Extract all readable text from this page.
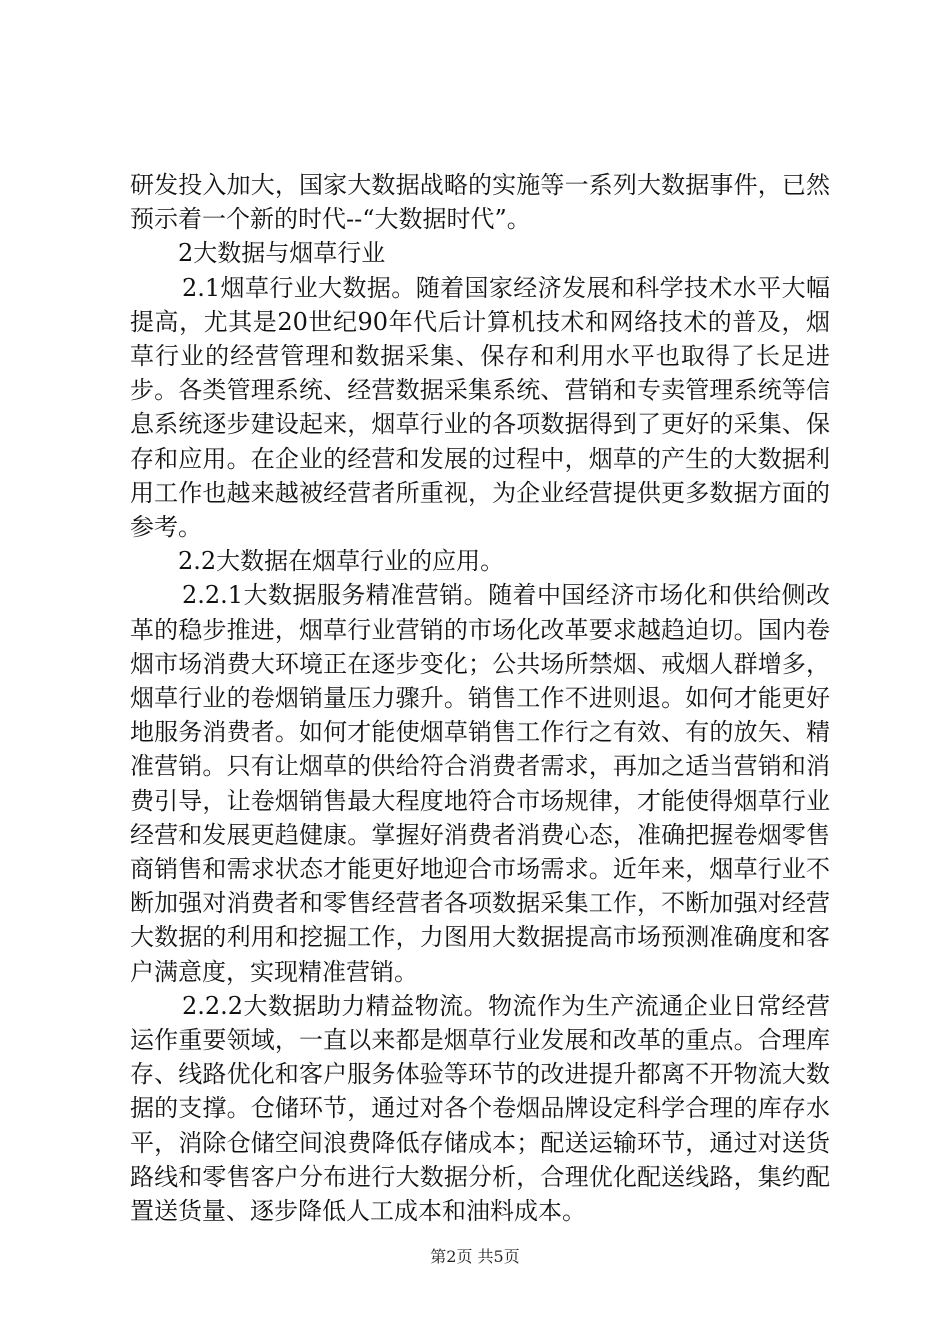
研发投入加大，国家大数据战略的实施等一系列大数据事件，已然预示着一个新的时代--“大数据时代”。

2大数据与烟草行业

2.1烟草行业大数据。随着国家经济发展和科学技术水平大幅提高，尤其是20世纪90年代后计算机技术和网络技术的普及，烟草行业的经营管理和数据采集、保存和利用水平也取得了长足进步。各类管理系统、经营数据采集系统、营销和专卖管理系统等信息系统逐步建设起来，烟草行业的各项数据得到了更好的采集、保存和应用。在企业的经营和发展的过程中，烟草的产生的大数据利用工作也越来越被经营者所重视，为企业经营提供更多数据方面的参考。

2.2大数据在烟草行业的应用。

2.2.1大数据服务精准营销。随着中国经济市场化和供给侧改革的稳步推进，烟草行业营销的市场化改革要求越趋迫切。国内卷烟市场消费大环境正在逐步变化；公共场所禁烟、戒烟人群增多，烟草行业的卷烟销量压力骤升。销售工作不进则退。如何才能更好地服务消费者。如何才能使烟草销售工作行之有效、有的放矢、精准营销。只有让烟草的供给符合消费者需求，再加之适当营销和消费引导，让卷烟销售最大程度地符合市场规律，才能使得烟草行业经营和发展更趋健康。掌握好消费者消费心态，准确把握卷烟零售商销售和需求状态才能更好地迎合市场需求。近年来，烟草行业不断加强对消费者和零售经营者各项数据采集工作，不断加强对经营大数据的利用和挖掘工作，力图用大数据提高市场预测准确度和客户满意度，实现精准营销。

2.2.2大数据助力精益物流。物流作为生产流通企业日常经营运作重要领域，一直以来都是烟草行业发展和改革的重点。合理库存、线路优化和客户服务体验等环节的改进提升都离不开物流大数据的支撑。仓储环节，通过对各个卷烟品牌设定科学合理的库存水平，消除仓储空间浪费降低存储成本；配送运输环节，通过对送货路线和零售客户分布进行大数据分析，合理优化配送线路，集约配置送货量、逐步降低人工成本和油料成本。

第2页 共5页
